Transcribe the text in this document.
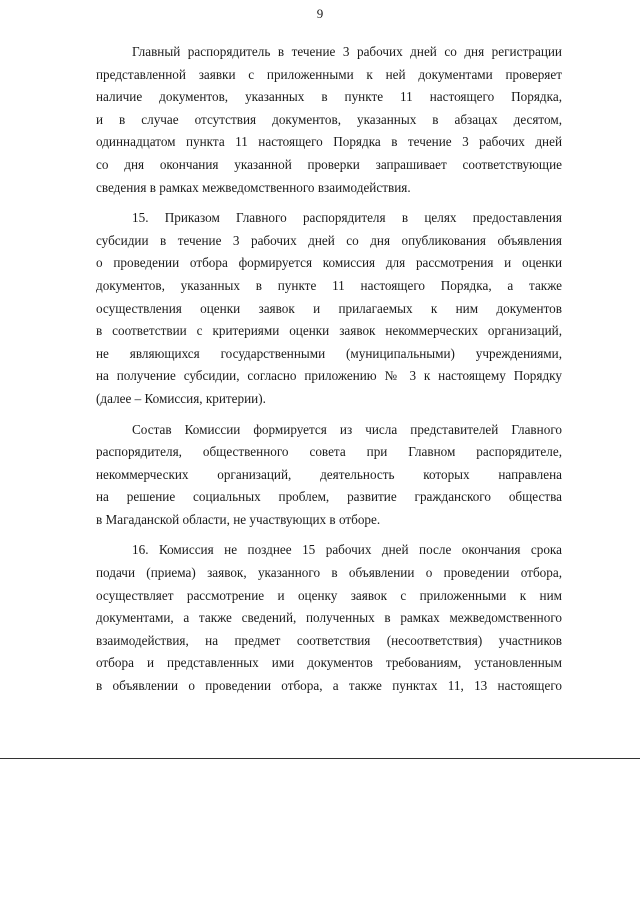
9
Главный распорядитель в течение 3 рабочих дней со дня регистрации
представленной заявки с приложенными к ней документами проверяет
наличие документов, указанных в пункте 11 настоящего Порядка,
и в случае отсутствия документов, указанных в абзацах десятом,
одиннадцатом пункта 11 настоящего Порядка в течение 3 рабочих дней
со дня окончания указанной проверки запрашивает соответствующие
сведения в рамках межведомственного взаимодействия.
15. Приказом Главного распорядителя в целях предоставления
субсидии в течение 3 рабочих дней со дня опубликования объявления
о проведении отбора формируется комиссия для рассмотрения и оценки
документов, указанных в пункте 11 настоящего Порядка, а также
осуществления оценки заявок и прилагаемых к ним документов
в соответствии с критериями оценки заявок некоммерческих организаций,
не являющихся государственными (муниципальными) учреждениями,
на получение субсидии, согласно приложению № 3 к настоящему Порядку
(далее – Комиссия, критерии).
Состав Комиссии формируется из числа представителей Главного
распорядителя, общественного совета при Главном распорядителе,
некоммерческих организаций, деятельность которых направлена
на решение социальных проблем, развитие гражданского общества
в Магаданской области, не участвующих в отборе.
16. Комиссия не позднее 15 рабочих дней после окончания срока
подачи (приема) заявок, указанного в объявлении о проведении отбора,
осуществляет рассмотрение и оценку заявок с приложенными к ним
документами, а также сведений, полученных в рамках межведомственного
взаимодействия, на предмет соответствия (несоответствия) участников
отбора и представленных ими документов требованиям, установленным
в объявлении о проведении отбора, а также пунктах 11, 13 настоящего
